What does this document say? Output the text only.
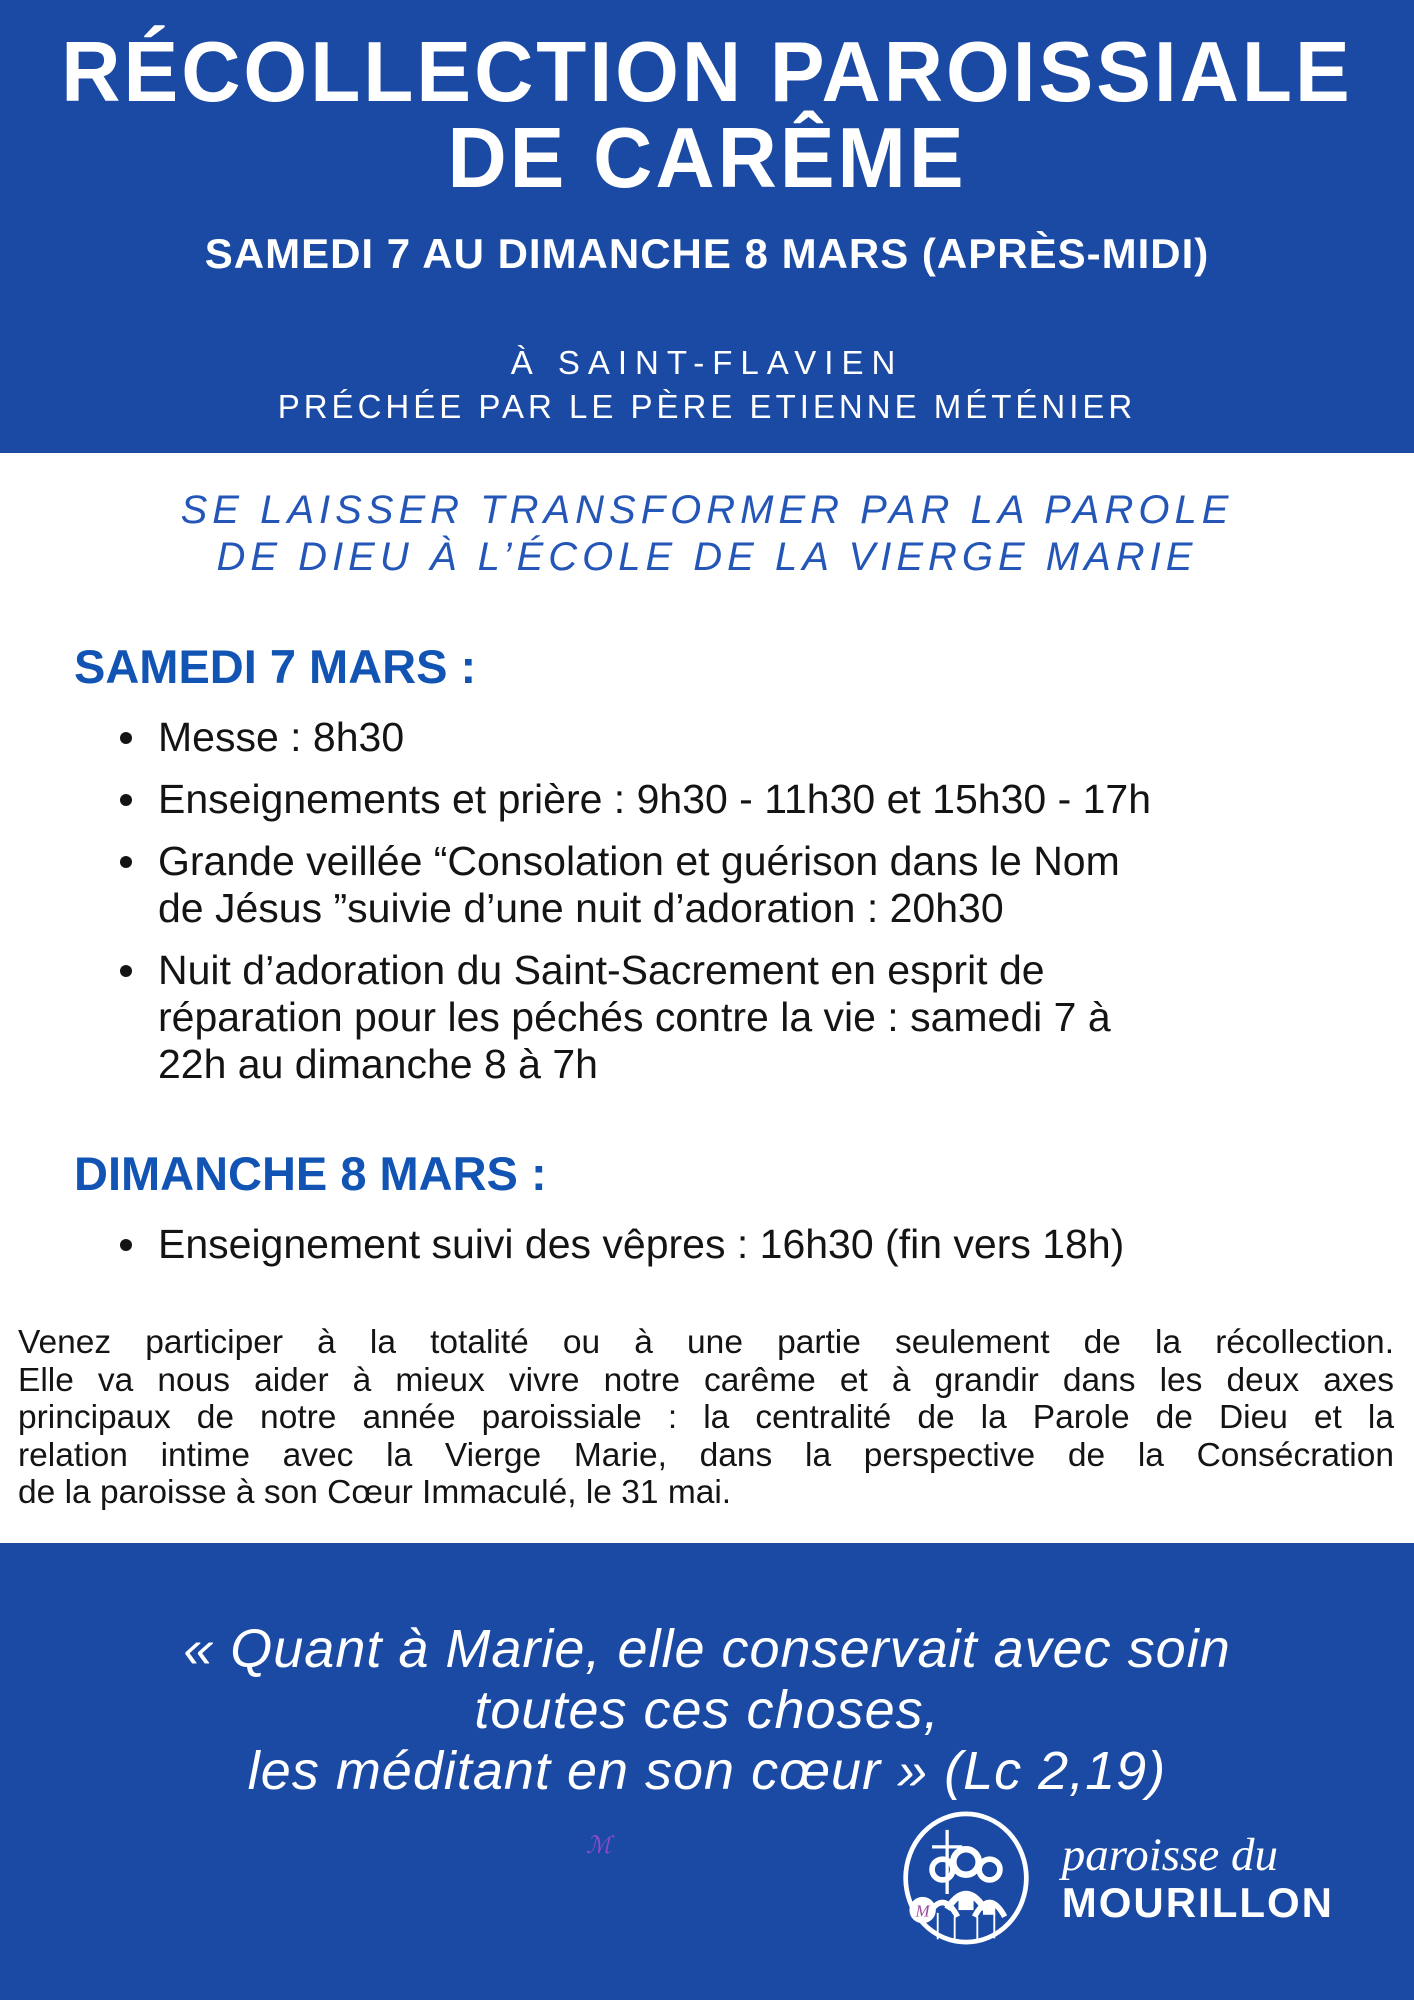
RÉCOLLECTION PAROISSIALE
DE CARÊME
SAMEDI 7 AU DIMANCHE 8 MARS (APRÈS-MIDI)
À SAINT-FLAVIEN
PRÉCHÉE PAR LE PÈRE ETIENNE MÉTÉNIER
SE LAISSER TRANSFORMER PAR LA PAROLE
DE DIEU À L’ÉCOLE DE LA VIERGE MARIE
SAMEDI 7 MARS :
Messe : 8h30
Enseignements et prière : 9h30 - 11h30 et 15h30 - 17h
Grande veillée “Consolation et guérison dans le Nom
de Jésus ”suivie d’une nuit d’adoration : 20h30
Nuit d’adoration du Saint-Sacrement en esprit de
réparation pour les péchés contre la vie : samedi 7 à
22h au dimanche 8 à 7h
DIMANCHE 8 MARS :
Enseignement suivi des vêpres : 16h30 (fin vers 18h)
Venez participer à la totalité ou à une partie seulement de la récollection.
Elle va nous aider à mieux vivre notre carême et à grandir dans les deux axes
principaux de notre année paroissiale : la centralité de la Parole de Dieu et la
relation intime avec la Vierge Marie, dans la perspective de la Consécration
de la paroisse à son Cœur Immaculé, le 31 mai.
« Quant à Marie, elle conservait avec soin
toutes ces choses,
les méditant en son cœur » (Lc 2,19)
ℳ
M
paroisse du
MOURILLON
